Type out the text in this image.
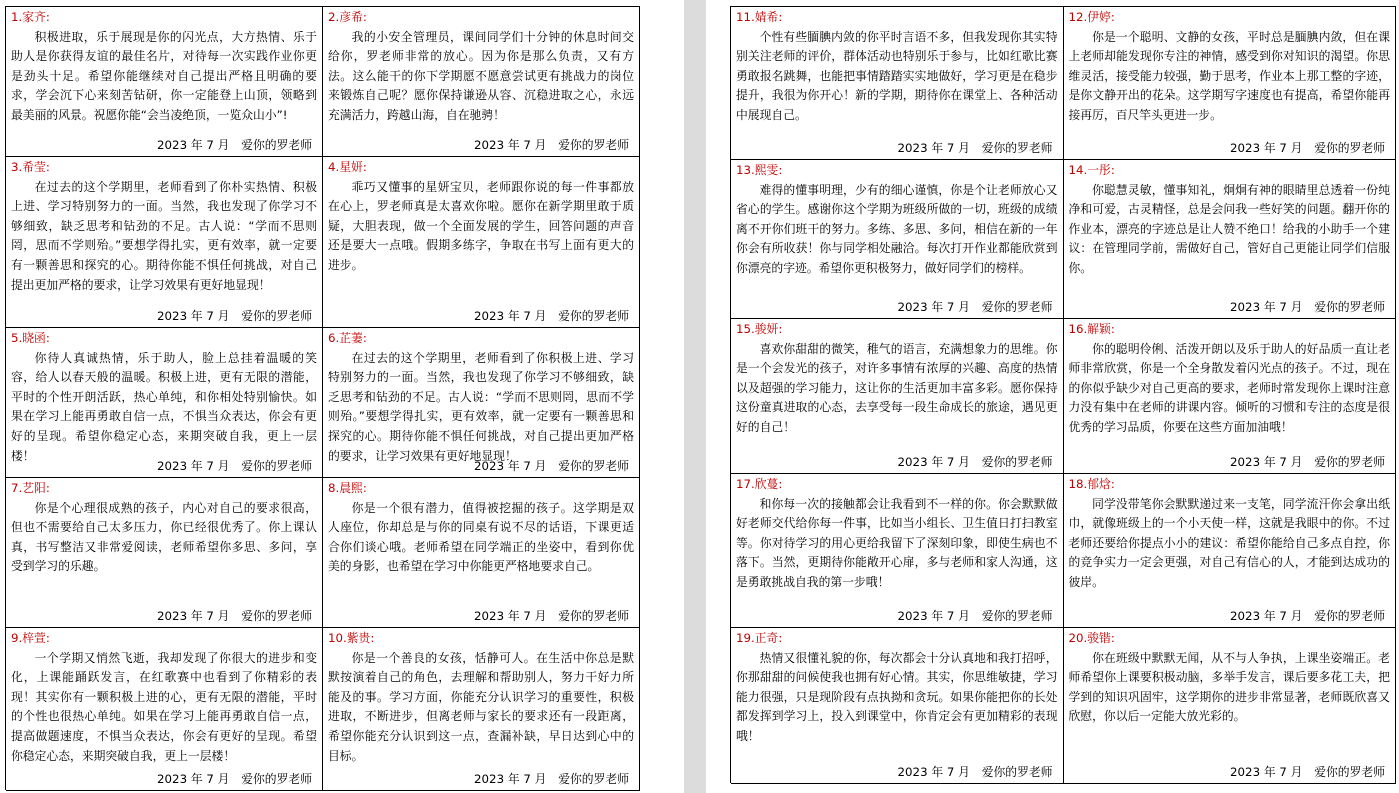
1.家齐:
积极进取，乐于展现是你的闪光点，大方热情、乐于助人是你获得友谊的最佳名片，对待每一次实践作业你更是劲头十足。希望你能继续对自己提出严格且明确的要求，学会沉下心来刻苦钻研，你一定能登上山顶，领略到最美丽的风景。祝愿你能“会当凌绝顶，一览众山小”!
2023 年 7 月　爱你的罗老师
2.彦希:
我的小安全管理员，课间同学们十分钟的休息时间交给你，罗老师非常的放心。因为你是那么负责，又有方法。这么能干的你下学期愿不愿意尝试更有挑战力的岗位来锻炼自己呢？愿你保持谦逊从容、沉稳进取之心，永远充满活力，跨越山海，自在驰骋！
2023 年 7 月　爱你的罗老师
3.希莹:
在过去的这个学期里，老师看到了你朴实热情、积极上进、学习特别努力的一面。当然，我也发现了你学习不够细致，缺乏思考和钻劲的不足。古人说：“学而不思则罔，思而不学则殆。”要想学得扎实，更有效率，就一定要有一颗善思和探究的心。期待你能不惧任何挑战，对自己提出更加严格的要求，让学习效果有更好地显现！
2023 年 7 月　爱你的罗老师
4.星妍:
乖巧又懂事的星妍宝贝，老师跟你说的每一件事都放在心上，罗老师真是太喜欢你啦。愿你在新学期里敢于质疑，大胆表现，做一个全面发展的学生，回答问题的声音还是要大一点哦。假期多练字，争取在书写上面有更大的进步。
2023 年 7 月　爱你的罗老师
5.晓函:
你待人真诚热情，乐于助人，脸上总挂着温暖的笑容，给人以春天般的温暖。积极上进，更有无限的潜能，平时的个性开朗活跃，热心单纯，和你相处特别愉快。如果在学习上能再勇敢自信一点，不惧当众表达，你会有更好的呈现。希望你稳定心态，来期突破自我，更上一层楼！
2023 年 7 月　爱你的罗老师
6.芷萋:
在过去的这个学期里，老师看到了你积极上进、学习特别努力的一面。当然，我也发现了你学习不够细致，缺乏思考和钻劲的不足。古人说：“学而不思则罔，思而不学则殆。”要想学得扎实，更有效率，就一定要有一颗善思和探究的心。期待你能不惧任何挑战，对自己提出更加严格的要求，让学习效果有更好地显现！
2023 年 7 月　爱你的罗老师
7.艺阳:
你是个心理很成熟的孩子，内心对自己的要求很高，但也不需要给自己太多压力，你已经很优秀了。你上课认真，书写整洁又非常爱阅读，老师希望你多思、多问，享受到学习的乐趣。
2023 年 7 月　爱你的罗老师
8.晨熙:
你是一个很有潜力，值得被挖掘的孩子。这学期是双人座位，你却总是与你的同桌有说不尽的话语，下课更适合你们谈心哦。老师希望在同学端正的坐姿中，看到你优美的身影，也希望在学习中你能更严格地要求自己。
2023 年 7 月　爱你的罗老师
9.梓萱:
一个学期又悄然飞逝，我却发现了你很大的进步和变化，上课能踊跃发言，在红歌赛中也看到了你精彩的表现！其实你有一颗积极上进的心，更有无限的潜能，平时的个性也很热心单纯。如果在学习上能再勇敢自信一点，提高做题速度，不惧当众表达，你会有更好的呈现。希望你稳定心态，来期突破自我，更上一层楼！
2023 年 7 月　爱你的罗老师
10.紫贵:
你是一个善良的女孩，恬静可人。在生活中你总是默默按演着自己的角色，去理解和帮助别人，努力干好力所能及的事。学习方面，你能充分认识学习的重要性，积极进取，不断进步，但离老师与家长的要求还有一段距离，希望你能充分认识到这一点，查漏补缺，早日达到心中的目标。
2023 年 7 月　爱你的罗老师
11.婧希:
个性有些腼腆内敛的你平时言语不多，但我发现你其实特别关注老师的评价，群体活动也特别乐于参与，比如红歌比赛勇敢报名跳舞，也能把事情踏踏实实地做好，学习更是在稳步提升，我很为你开心！新的学期，期待你在课堂上、各种活动中展现自己。
2023 年 7 月　爱你的罗老师
12.伊婷:
你是一个聪明、文静的女孩，平时总是腼腆内敛，但在课上老师却能发现你专注的神情，感受到你对知识的渴望。你思维灵活，接受能力较强，勤于思考，作业本上那工整的字迹，是你文静开出的花朵。这学期写字速度也有提高，希望你能再接再厉，百尺竿头更进一步。
2023 年 7 月　爱你的罗老师
13.熙雯:
难得的懂事明理，少有的细心谨慎，你是个让老师放心又省心的学生。感谢你这个学期为班级所做的一切，班级的成绩离不开你们班干的努力。多练、多思、多问，相信在新的一年你会有所收获！你与同学相处融洽。每次打开作业都能欣赏到你漂亮的字迹。希望你更积极努力，做好同学们的榜样。
2023 年 7 月　爱你的罗老师
14.一彤:
你聪慧灵敏，懂事知礼，炯炯有神的眼睛里总透着一份纯净和可爱，古灵精怪，总是会问我一些好笑的问题。翻开你的作业本，漂亮的字迹总是让人赞不绝口！给我的小助手一个建议：在管理同学前，需做好自己，管好自己更能让同学们信服你。
2023 年 7 月　爱你的罗老师
15.骏妍:
喜欢你甜甜的微笑，稚气的语言，充满想象力的思维。你是一个会发光的孩子，对许多事情有浓厚的兴趣、高度的热情以及超强的学习能力，这让你的生活更加丰富多彩。愿你保持这份童真进取的心态，去享受每一段生命成长的旅途，遇见更好的自己！
2023 年 7 月　爱你的罗老师
16.解颖:
你的聪明伶俐、活泼开朗以及乐于助人的好品质一直让老师非常欣赏，你是一个全身散发着闪光点的孩子。不过，现在的你似乎缺少对自己更高的要求，老师时常发现你上课时注意力没有集中在老师的讲课内容。倾听的习惯和专注的态度是很优秀的学习品质，你要在这些方面加油哦！
2023 年 7 月　爱你的罗老师
17.欣蔓:
和你每一次的接触都会让我看到不一样的你。你会默默做好老师交代给你每一件事，比如当小组长、卫生值日打扫教室等。你对待学习的用心更给我留下了深刻印象，即使生病也不落下。当然，更期待你能敞开心扉，多与老师和家人沟通，这是勇敢挑战自我的第一步哦！
2023 年 7 月　爱你的罗老师
18.郁焓:
同学没带笔你会默默递过来一支笔，同学流汗你会拿出纸巾，就像班级上的一个小天使一样，这就是我眼中的你。不过老师还要给你提点小小的建议：希望你能给自己多点自控，你的竞争实力一定会更强，对自己有信心的人，才能到达成功的彼岸。
2023 年 7 月　爱你的罗老师
19.正奇:
热情又很懂礼貌的你，每次都会十分认真地和我打招呼，你那甜甜的问候使我也拥有好心情。其实，你思维敏捷，学习能力很强，只是现阶段有点执拗和贪玩。如果你能把你的长处都发挥到学习上，投入到课堂中，你肯定会有更加精彩的表现哦！
2023 年 7 月　爱你的罗老师
20.骏锴:
你在班级中默默无闻，从不与人争执，上课坐姿端正。老师希望你上课要积极动脑，多举手发言，课后要多花工夫，把学到的知识巩固牢，这学期你的进步非常显著，老师既欣喜又欣慰，你以后一定能大放光彩的。
2023 年 7 月　爱你的罗老师
